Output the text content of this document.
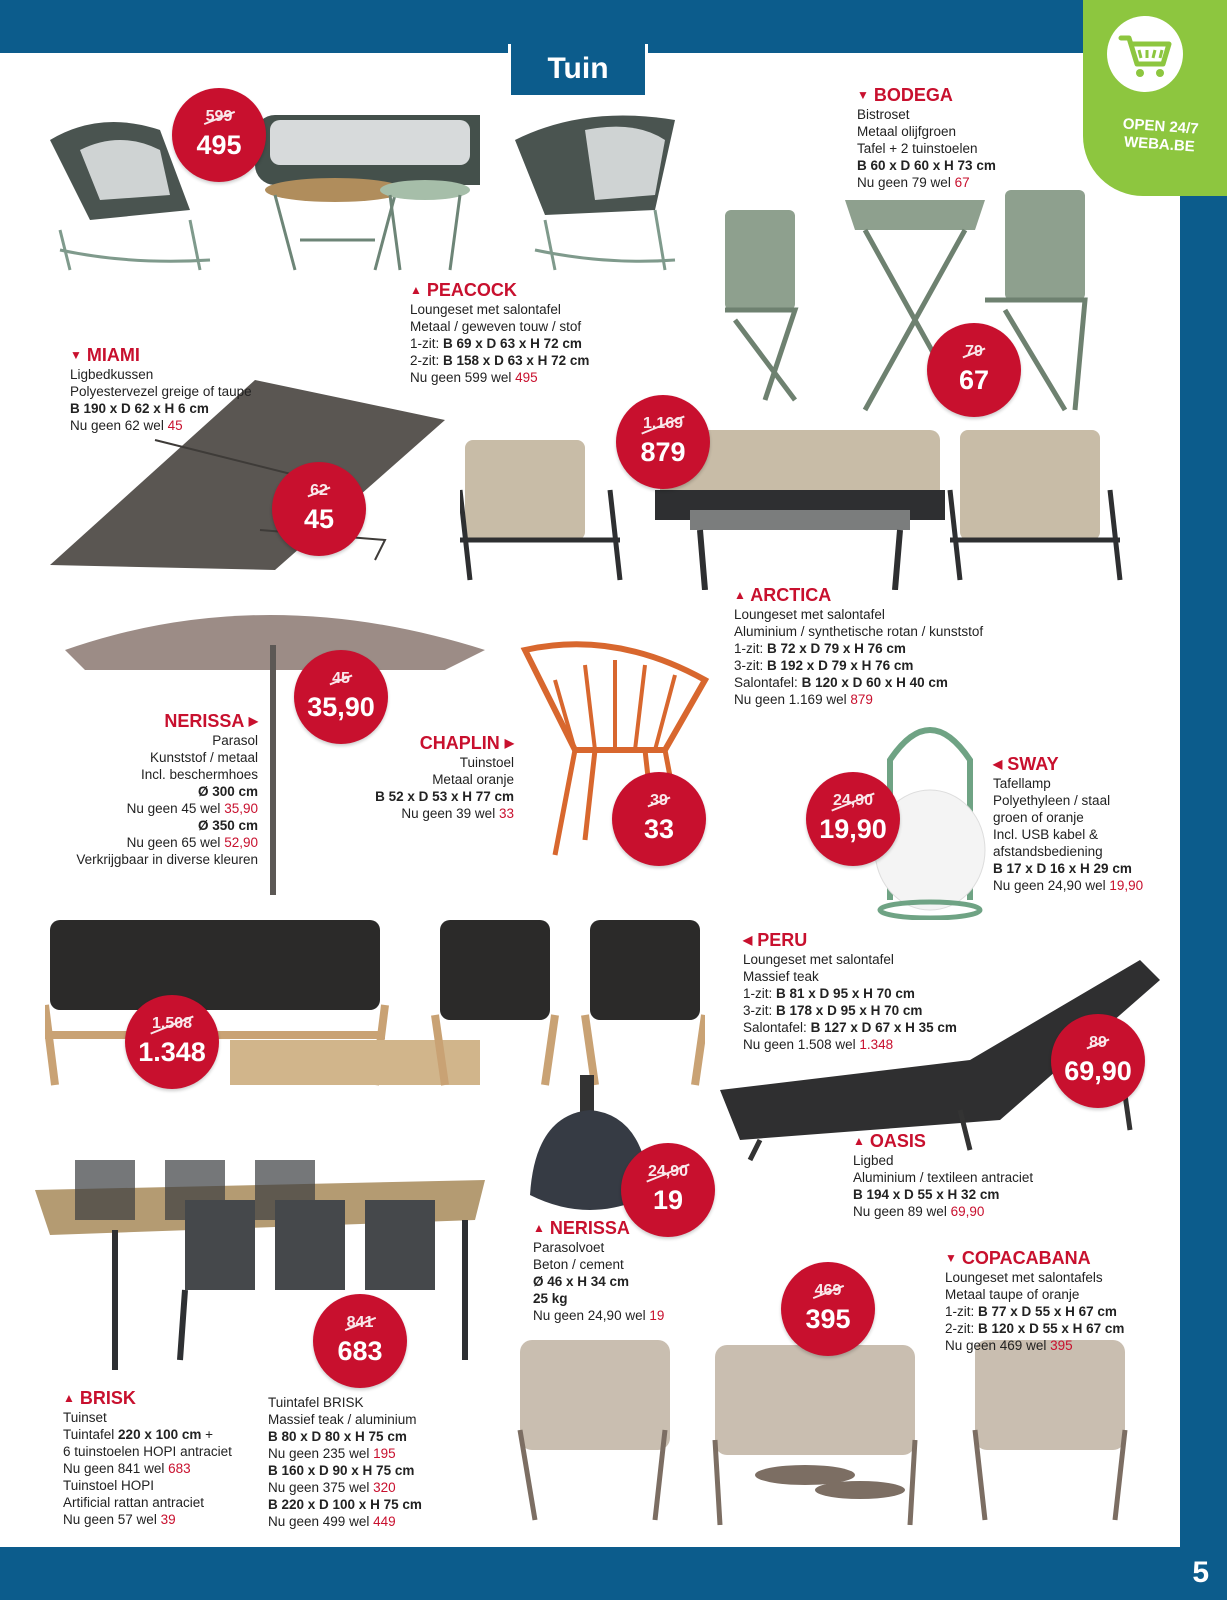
Tuin
OPEN 24/7
WEBA.BE
▼ BODEGA
Bistroset
Metaal olijfgroen
Tafel + 2 tuinstoelen
B 60 x D 60 x H 73 cm
Nu geen 79 wel 67
▲ PEACOCK
Loungeset met salontafel
Metaal / geweven touw / stof
1-zit: B 69 x D 63 x H 72 cm
2-zit: B 158 x D 63 x H 72 cm
Nu geen 599 wel 495
▼ MIAMI
Ligbedkussen
Polyestervezel greige of taupe
B 190 x D 62 x H 6 cm
Nu geen 62 wel 45
▲ ARCTICA
Loungeset met salontafel
Aluminium / synthetische rotan / kunststof
1-zit: B 72 x D 79 x H 76 cm
3-zit: B 192 x D 79 x H 76 cm
Salontafel: B 120 x D 60 x H 40 cm
Nu geen 1.169 wel 879
NERISSA ▶
Parasol
Kunststof / metaal
Incl. beschermhoes
Ø 300 cm
Nu geen 45 wel 35,90
Ø 350 cm
Nu geen 65 wel 52,90
Verkrijgbaar in diverse kleuren
CHAPLIN ▶
Tuinstoel
Metaal oranje
B 52 x D 53 x H 77 cm
Nu geen 39 wel 33
◀ SWAY
Tafellamp
Polyethyleen / staal
groen of oranje
Incl. USB kabel &
afstandsbediening
B 17 x D 16 x H 29 cm
Nu geen 24,90 wel 19,90
◀ PERU
Loungeset met salontafel
Massief teak
1-zit: B 81 x D 95 x H 70 cm
3-zit: B 178 x D 95 x H 70 cm
Salontafel: B 127 x D 67 x H 35 cm
Nu geen 1.508 wel 1.348
▲ OASIS
Ligbed
Aluminium / textileen antraciet
B 194 x D 55 x H 32 cm
Nu geen 89 wel 69,90
▲ NERISSA
Parasolvoet
Beton / cement
Ø 46 x H 34 cm
25 kg
Nu geen 24,90 wel 19
▼ COPACABANA
Loungeset met salontafels
Metaal taupe of oranje
1-zit: B 77 x D 55 x H 67 cm
2-zit: B 120 x D 55 x H 67 cm
Nu geen 469 wel 395
▲ BRISK
Tuinset
Tuintafel 220 x 100 cm +
6 tuinstoelen HOPI antraciet
Nu geen 841 wel 683
Tuinstoel HOPI
Artificial rattan antraciet
Nu geen 57 wel 39
Tuintafel BRISK
Massief teak / aluminium
B 80 x D 80 x H 75 cm
Nu geen 235 wel 195
B 160 x D 90 x H 75 cm
Nu geen 375 wel 320
B 220 x D 100 x H 75 cm
Nu geen 499 wel 449
599
495
79
67
1.169
879
62
45
45
35,90
39
33
24,90
19,90
1.508
1.348	89
69,90
24,90
19
469
395
841
683
5
